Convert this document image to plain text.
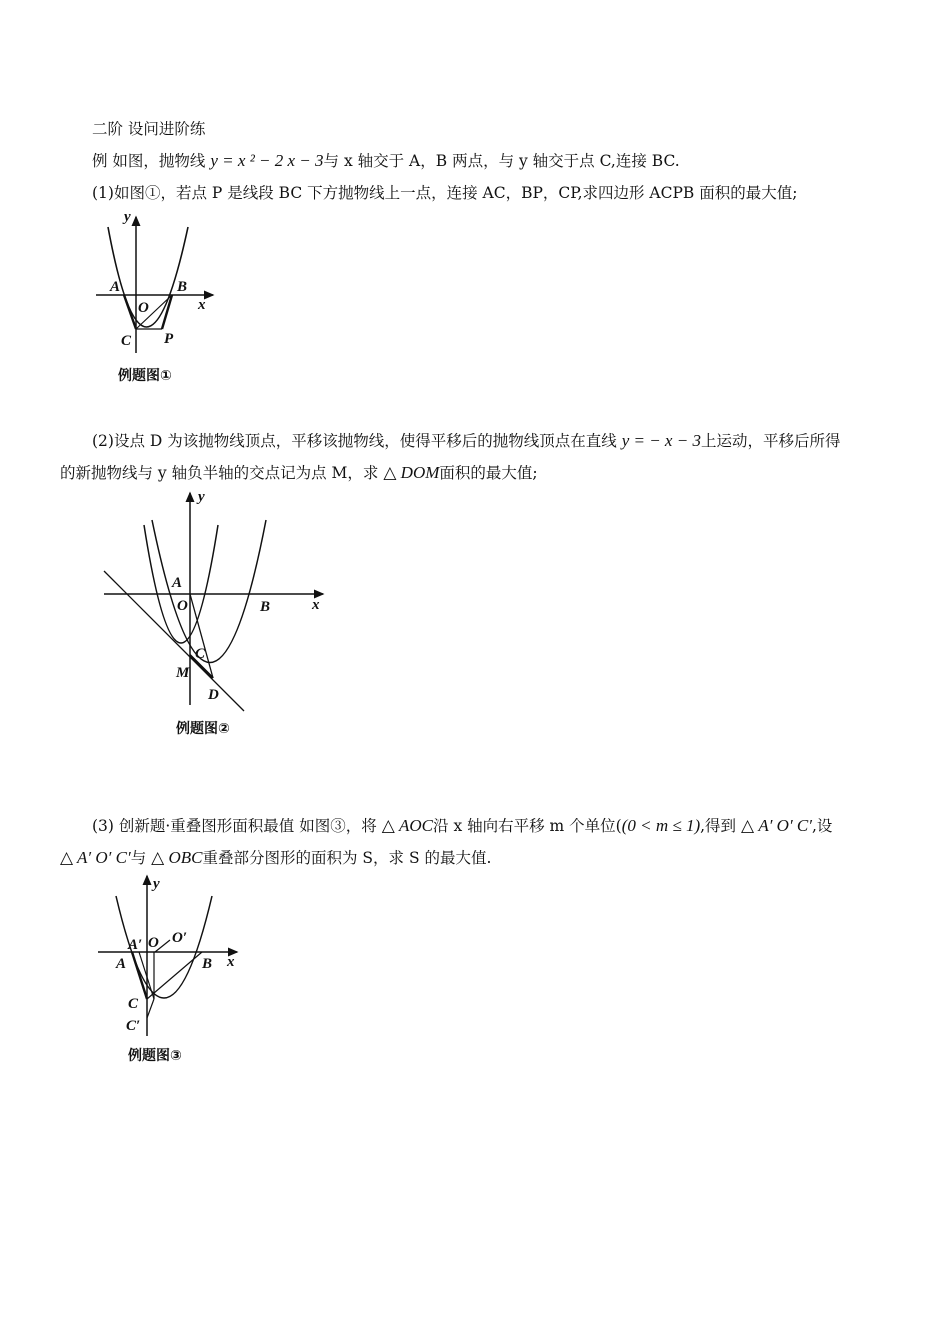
二阶 设问进阶练
例 如图，抛物线 y = x ² − 2 x − 3与 x 轴交于 A，B 两点，与 y 轴交于点 C,连接 BC.
(1)如图①，若点 P 是线段 BC 下方抛物线上一点，连接 AC，BP，CP,求四边形 ACPB 面积的最大值;
y
x
A
O
B
C P
例题图①
(2)设点 D 为该抛物线顶点，平移该抛物线，使得平移后的抛物线顶点在直线 y = − x − 3上运动，平移后所得
的新抛物线与 y 轴负半轴的交点记为点 M，求 △ DOM面积的最大值;
y
x
A
O	B
C
M
D
例题图②
(3) 创新题·重叠图形面积最值 如图③，将 △ AOC沿 x 轴向右平移 m 个单位((0 < m ≤ 1),得到 △ A′ O′ C′,设
△ A′ O′ C′与 △ OBC重叠部分图形的面积为 S，求 S 的最大值.
y
x
A′ O O′
A	B
C
C′
例题图③
